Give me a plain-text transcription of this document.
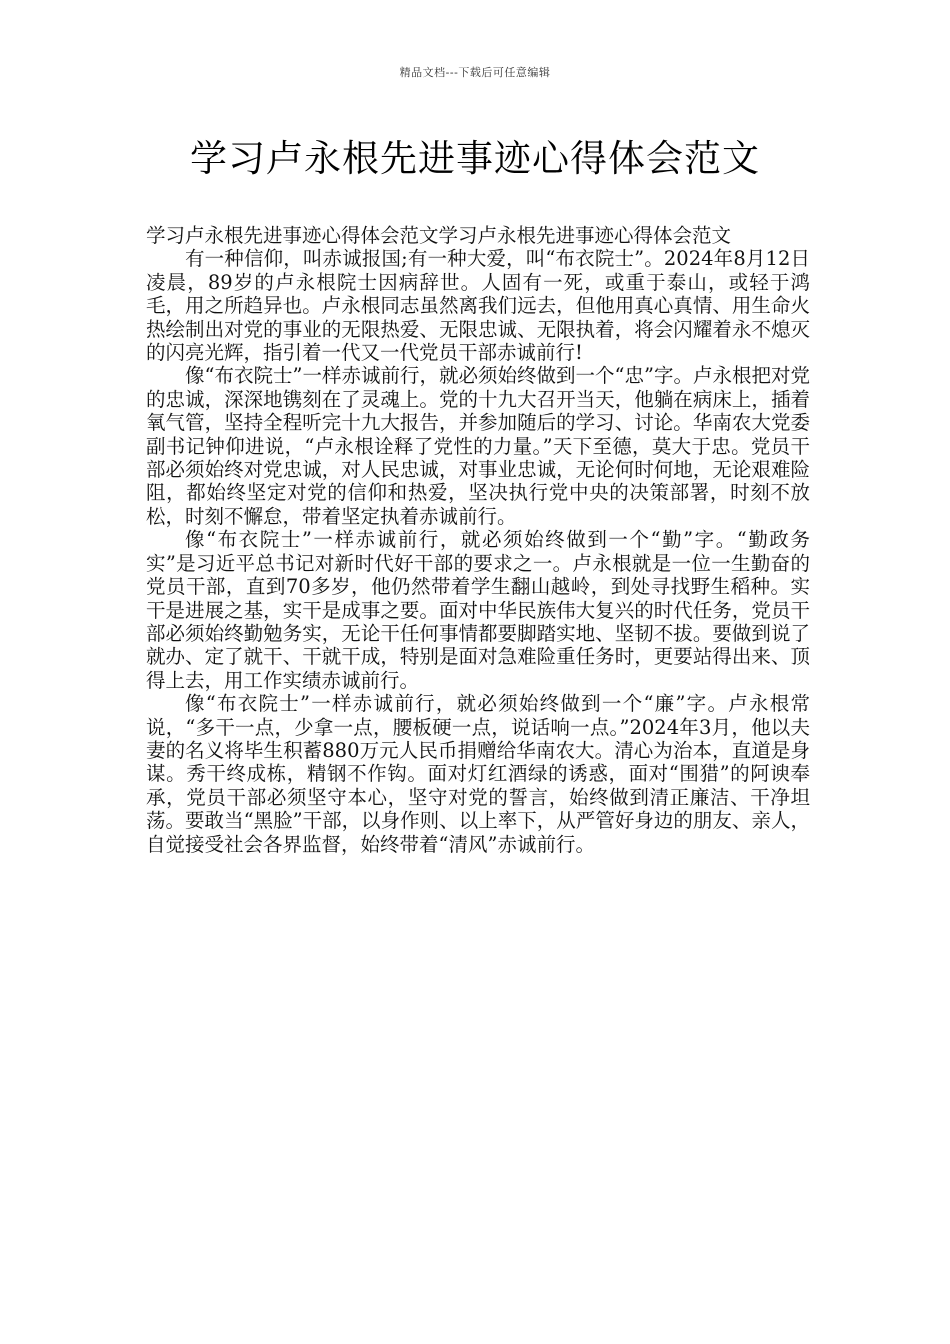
精品文档---下载后可任意编辑
学习卢永根先进事迹心得体会范文

学习卢永根先进事迹心得体会范文学习卢永根先进事迹心得体会范文

有一种信仰，叫赤诚报国;有一种大爱，叫“布衣院士”。2024年8月12日凌晨，89岁的卢永根院士因病辞世。人固有一死，或重于泰山，或轻于鸿毛，用之所趋异也。卢永根同志虽然离我们远去，但他用真心真情、用生命火热绘制出对党的事业的无限热爱、无限忠诚、无限执着，将会闪耀着永不熄灭的闪亮光辉，指引着一代又一代党员干部赤诚前行!

像“布衣院士”一样赤诚前行，就必须始终做到一个“忠”字。卢永根把对党的忠诚，深深地镌刻在了灵魂上。党的十九大召开当天，他躺在病床上，插着氧气管，坚持全程听完十九大报告，并参加随后的学习、讨论。华南农大党委副书记钟仰进说，“卢永根诠释了党性的力量。”天下至德，莫大于忠。党员干部必须始终对党忠诚，对人民忠诚，对事业忠诚，无论何时何地，无论艰难险阻，都始终坚定对党的信仰和热爱，坚决执行党中央的决策部署，时刻不放松，时刻不懈怠，带着坚定执着赤诚前行。

像“布衣院士”一样赤诚前行，就必须始终做到一个“勤”字。“勤政务实”是习近平总书记对新时代好干部的要求之一。卢永根就是一位一生勤奋的党员干部，直到70多岁，他仍然带着学生翻山越岭，到处寻找野生稻种。实干是进展之基，实干是成事之要。面对中华民族伟大复兴的时代任务，党员干部必须始终勤勉务实，无论干任何事情都要脚踏实地、坚韧不拔。要做到说了就办、定了就干、干就干成，特别是面对急难险重任务时，更要站得出来、顶得上去，用工作实绩赤诚前行。

像“布衣院士”一样赤诚前行，就必须始终做到一个“廉”字。卢永根常说，“多干一点，少拿一点，腰板硬一点，说话响一点。”2024年3月，他以夫妻的名义将毕生积蓄880万元人民币捐赠给华南农大。清心为治本，直道是身谋。秀干终成栋，精钢不作钩。面对灯红酒绿的诱惑，面对“围猎”的阿谀奉承，党员干部必须坚守本心，坚守对党的誓言，始终做到清正廉洁、干净坦荡。要敢当“黑脸”干部，以身作则、以上率下，从严管好身边的朋友、亲人，自觉接受社会各界监督，始终带着“清风”赤诚前行。
